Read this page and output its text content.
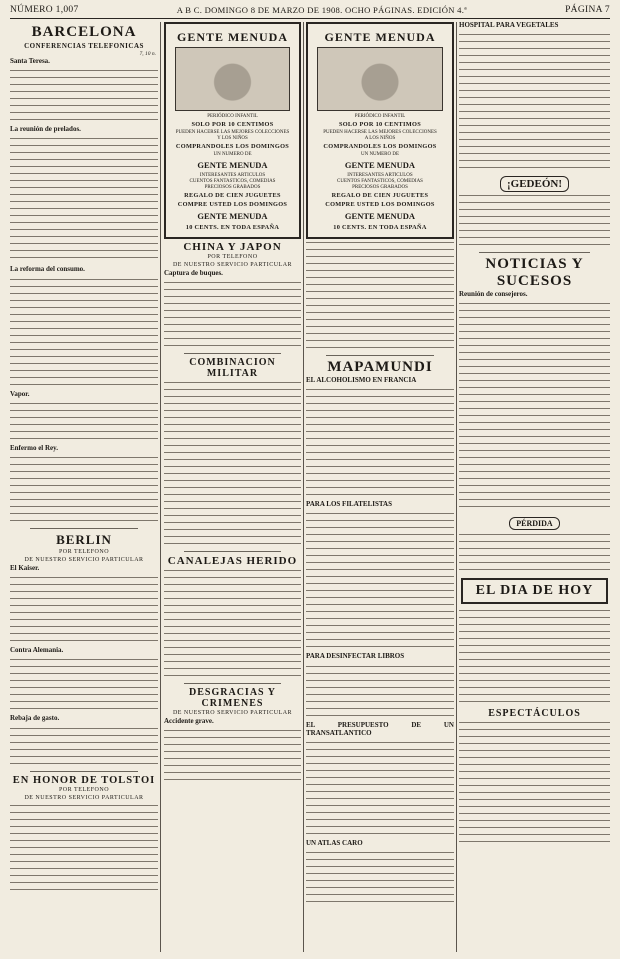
NÚMERO 1,007	A B C. DOMINGO 8 DE MARZO DE 1908. OCHO PÁGINAS. EDICIÓN 4.ª	PÁGINA 7
BARCELONA
CONFERENCIAS TELEFONICAS
7, 10 n.
Santa Teresa.
La reunión de prelados.
La reforma del consumo.
Vapor.
Enfermo el Rey.
BERLIN
POR TELEFONO
DE NUESTRO SERVICIO PARTICULAR
El Kaiser.
Contra Alemania.
Rebaja de gasto.
EN HONOR DE TOLSTOI
POR TELEFONO
DE NUESTRO SERVICIO PARTICULAR
GENTE MENUDA
PERIÓDICO INFANTIL
SOLO POR 10 CENTIMOS
PUEDEN HACERSE LAS MEJORES COLECCIONES
Y LOS NIÑOS
COMPRANDOLES LOS DOMINGOS
UN NUMERO DE
GENTE MENUDA
INTERESANTES ARTICULOS
CUENTOS FANTASTICOS, COMEDIAS
PRECIOSOS GRABADOS
REGALO DE CIEN JUGUETES
COMPRE USTED LOS DOMINGOS
GENTE MENUDA
10 CENTS. EN TODA ESPAÑA
CHINA Y JAPON
POR TELEFONO
DE NUESTRO SERVICIO PARTICULAR
Captura de buques.
COMBINACION MILITAR
CANALEJAS HERIDO
DESGRACIAS Y CRIMENES
DE NUESTRO SERVICIO PARTICULAR
Accidente grave.
GENTE MENUDA
PERIÓDICO INFANTIL
SOLO POR 10 CENTIMOS
PUEDEN HACERSE LAS MEJORES COLECCIONES
A LOS NIÑOS
COMPRANDOLES LOS DOMINGOS
UN NUMERO DE
GENTE MENUDA
INTERESANTES ARTICULOS
CUENTOS FANTASTICOS, COMEDIAS
PRECIOSOS GRABADOS
REGALO DE CIEN JUGUETES
COMPRE USTED LOS DOMINGOS
GENTE MENUDA
10 CENTS. EN TODA ESPAÑA
MAPAMUNDI
EL ALCOHOLISMO EN FRANCIA
PARA LOS FILATELISTAS
PARA DESINFECTAR LIBROS
EL PRESUPUESTO DE UN TRANSATLANTICO
UN ATLAS CARO
HOSPITAL PARA VEGETALES
¡GEDEÓN!
NOTICIAS Y SUCESOS
Reunión de consejeros.
PÉRDIDA
EL DIA DE HOY
ESPECTÁCULOS
